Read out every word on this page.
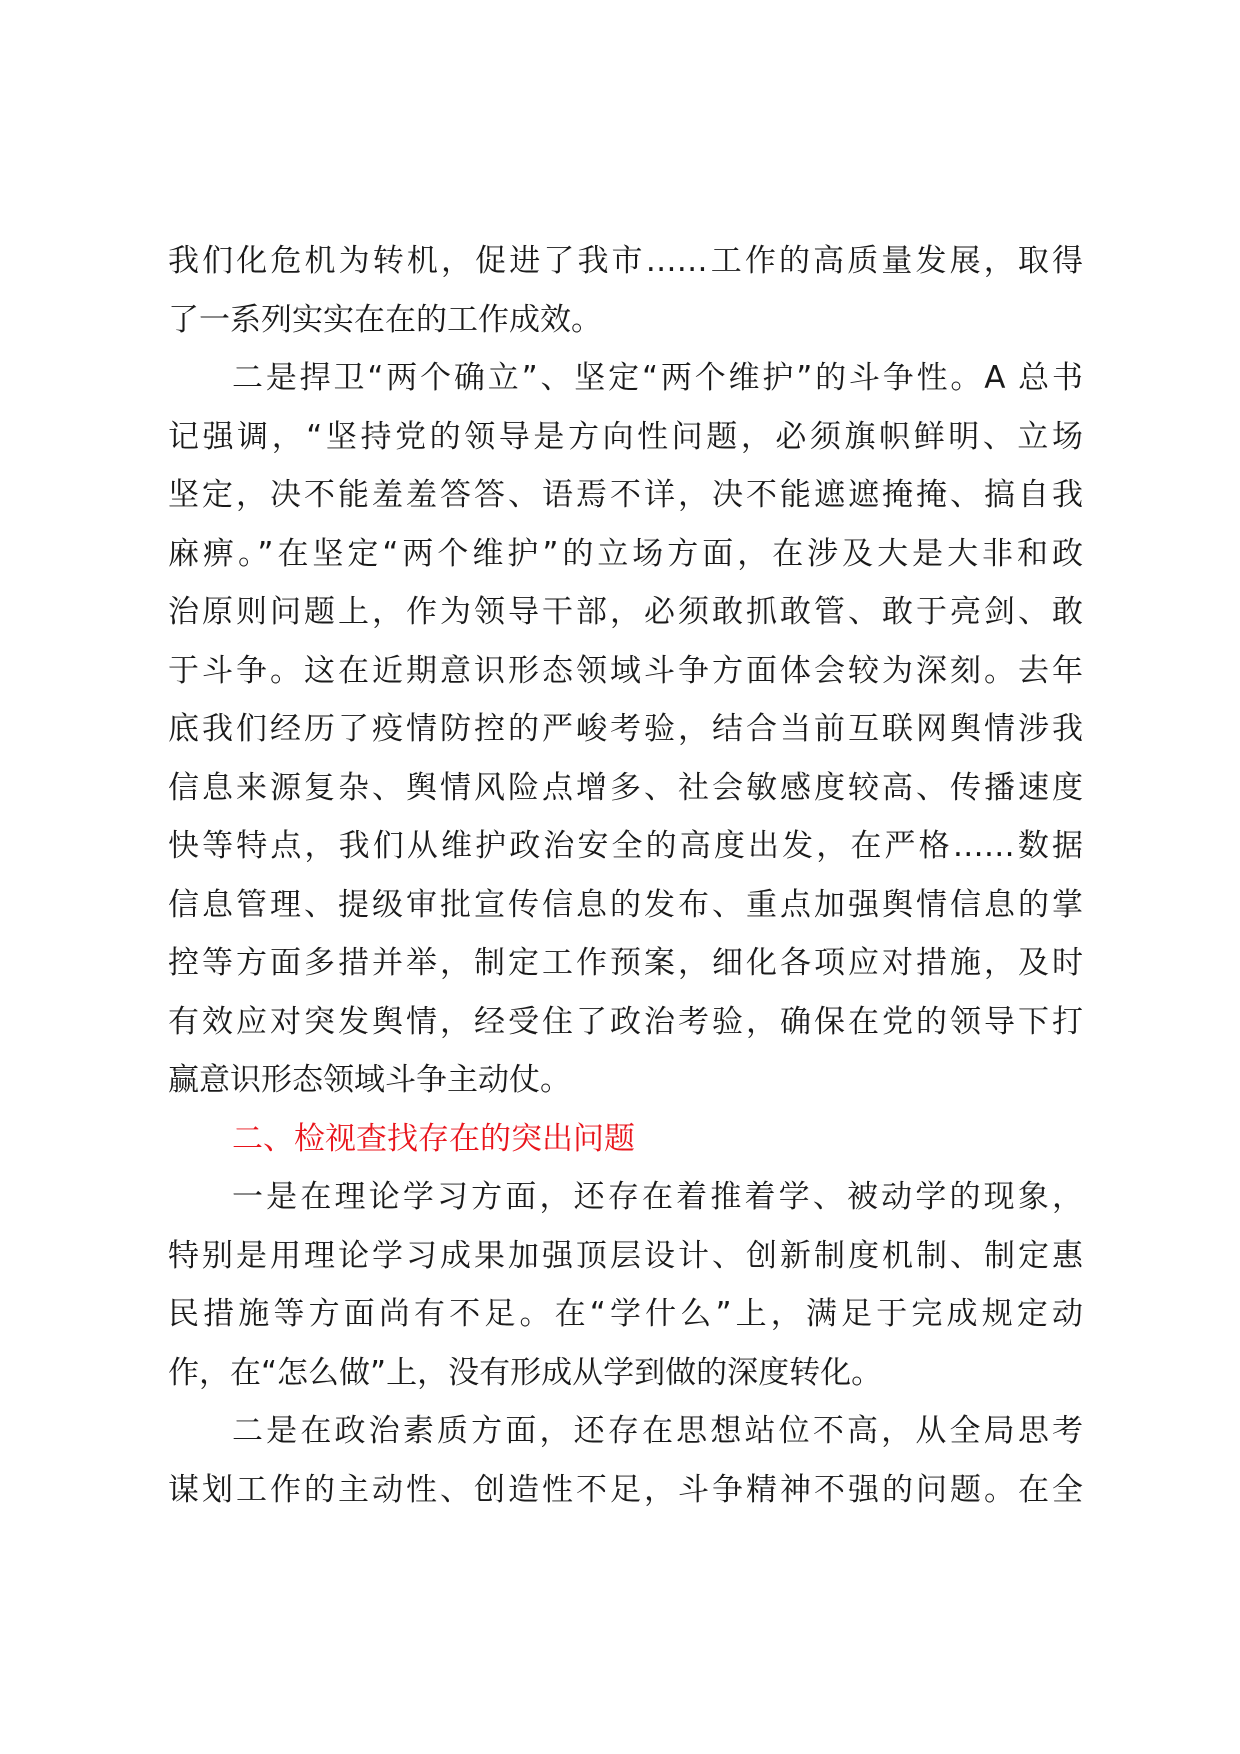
我们化危机为转机，促进了我市……工作的高质量发展，取得
了一系列实实在在的工作成效。
二是捍卫“两个确立”、坚定“两个维护”的斗争性。A 总书
记强调，“坚持党的领导是方向性问题，必须旗帜鲜明、立场
坚定，决不能羞羞答答、语焉不详，决不能遮遮掩掩、搞自我
麻痹。”在坚定“两个维护”的立场方面，在涉及大是大非和政
治原则问题上，作为领导干部，必须敢抓敢管、敢于亮剑、敢
于斗争。这在近期意识形态领域斗争方面体会较为深刻。去年
底我们经历了疫情防控的严峻考验，结合当前互联网舆情涉我
信息来源复杂、舆情风险点增多、社会敏感度较高、传播速度
快等特点，我们从维护政治安全的高度出发，在严格……数据
信息管理、提级审批宣传信息的发布、重点加强舆情信息的掌
控等方面多措并举，制定工作预案，细化各项应对措施，及时
有效应对突发舆情，经受住了政治考验，确保在党的领导下打
赢意识形态领域斗争主动仗。
二、检视查找存在的突出问题
一是在理论学习方面，还存在着推着学、被动学的现象，
特别是用理论学习成果加强顶层设计、创新制度机制、制定惠
民措施等方面尚有不足。在“学什么”上，满足于完成规定动
作，在“怎么做”上，没有形成从学到做的深度转化。
二是在政治素质方面，还存在思想站位不高，从全局思考
谋划工作的主动性、创造性不足，斗争精神不强的问题。在全
